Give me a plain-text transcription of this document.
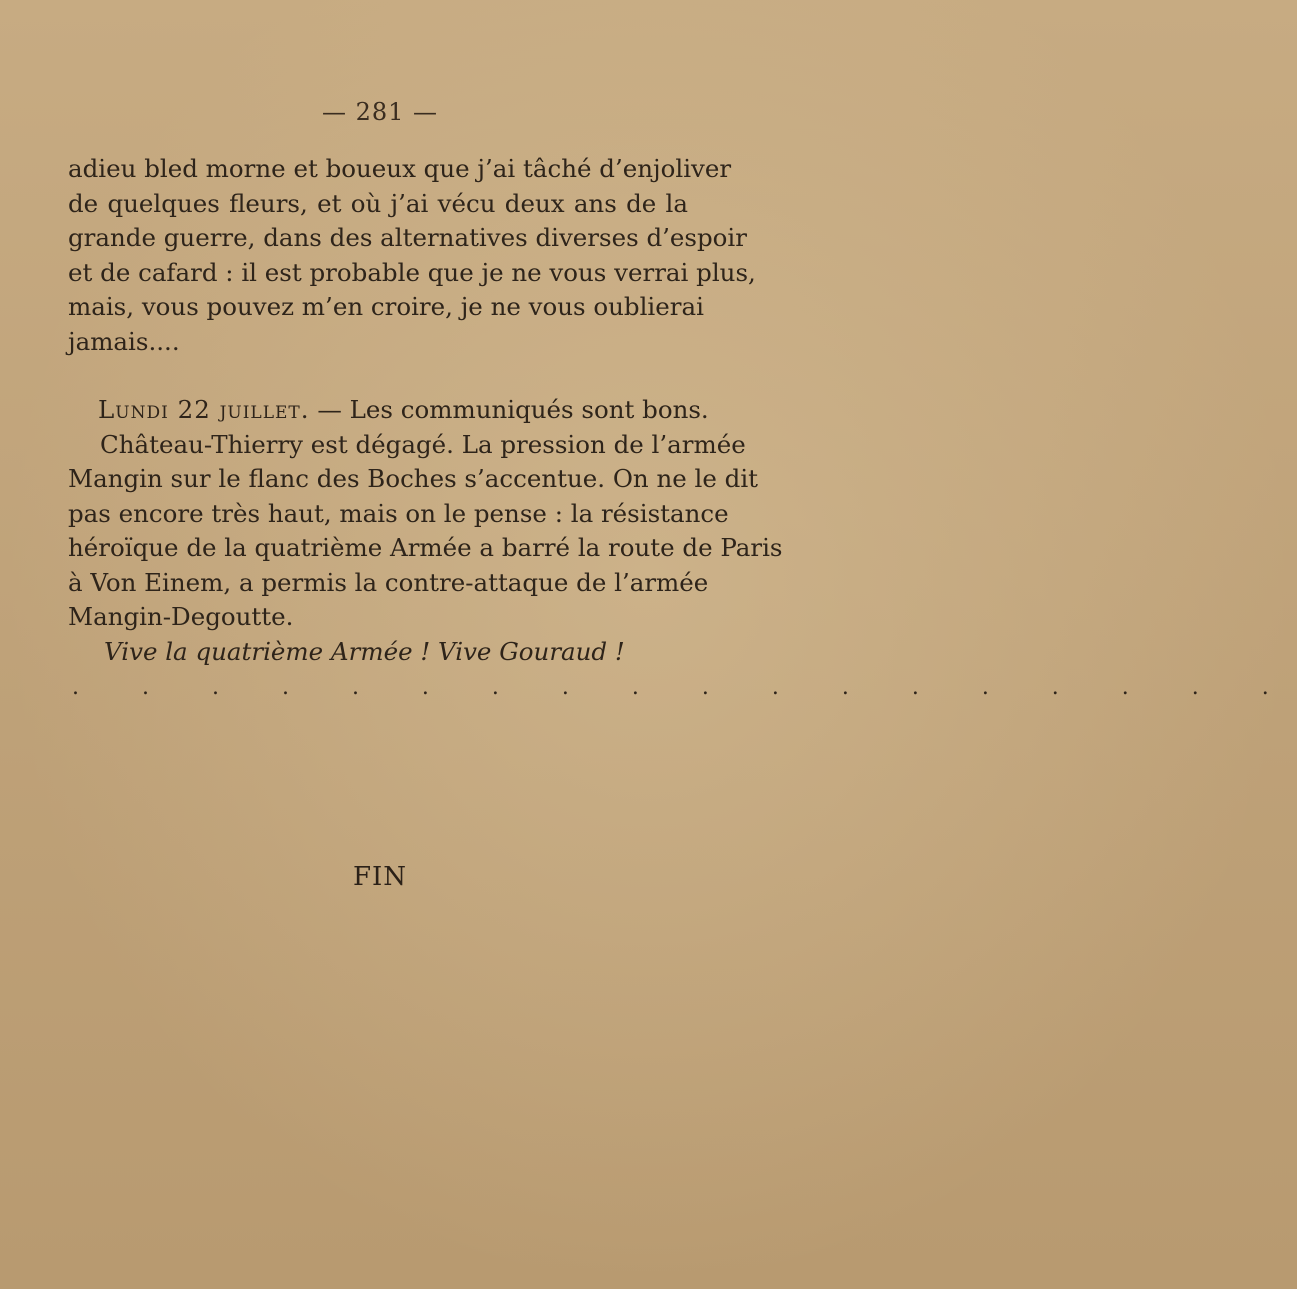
— 281 —
adieu bled morne et boueux que j’ai tâché d’enjoliver
de quelques fleurs, et où j’ai vécu deux ans de la
grande guerre, dans des alternatives diverses d’espoir
et de cafard : il est probable que je ne vous verrai plus,
mais, vous pouvez m’en croire, je ne vous oublierai
jamais....
Lundi 22 juillet. — Les communiqués sont bons.
Château-Thierry est dégagé. La pression de l’armée
Mangin sur le flanc des Boches s’accentue. On ne le dit
pas encore très haut, mais on le pense : la résistance
héroïque de la quatrième Armée a barré la route de Paris
à Von Einem, a permis la contre-attaque de l’armée
Mangin-Degoutte.
Vive la quatrième Armée ! Vive Gouraud !
. . . . . . . . . . . . . . . . . .
FIN
